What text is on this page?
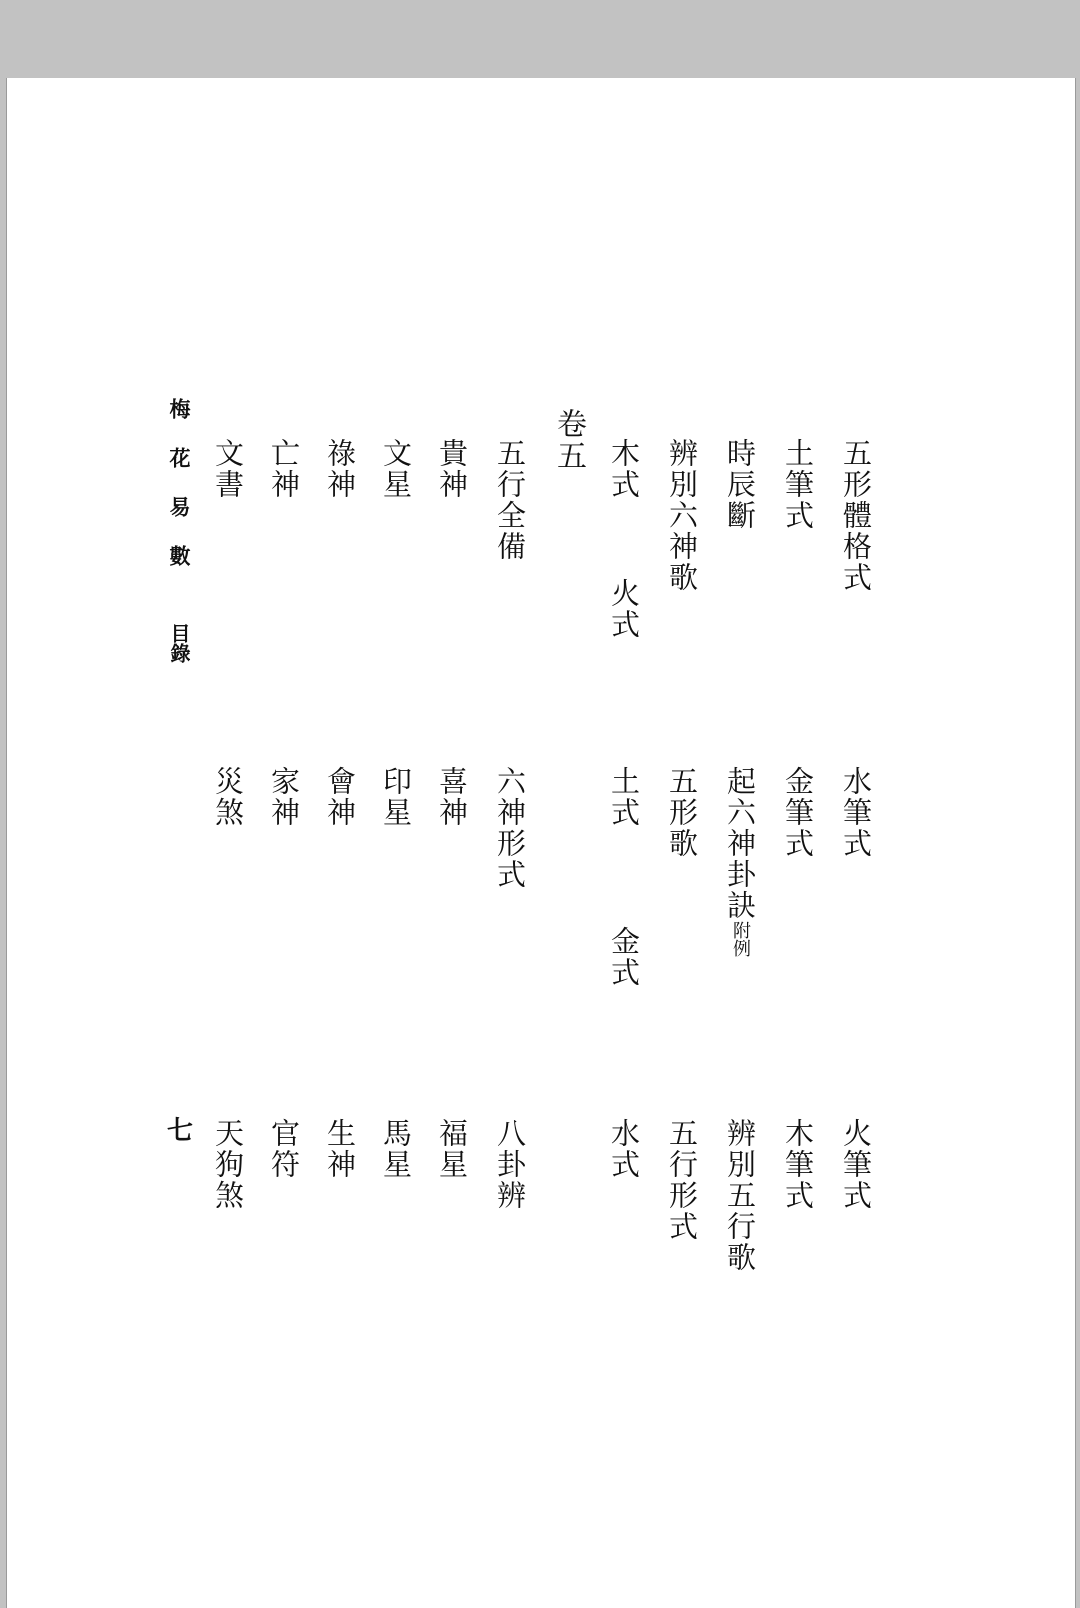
五形體格式
水筆式
火筆式
土筆式
金筆式
木筆式
時辰斷
起六神卦訣附例
辨別五行歌
辨別六神歌
五形歌
五行形式
木式
火式
土式
金式
水式
卷五
五行全備
六神形式
八卦辨
貴神
喜神
福星
文星
印星
馬星
祿神
會神
生神
亡神
家神
官符
文書
災煞
天狗煞
梅花易數
目錄
七
